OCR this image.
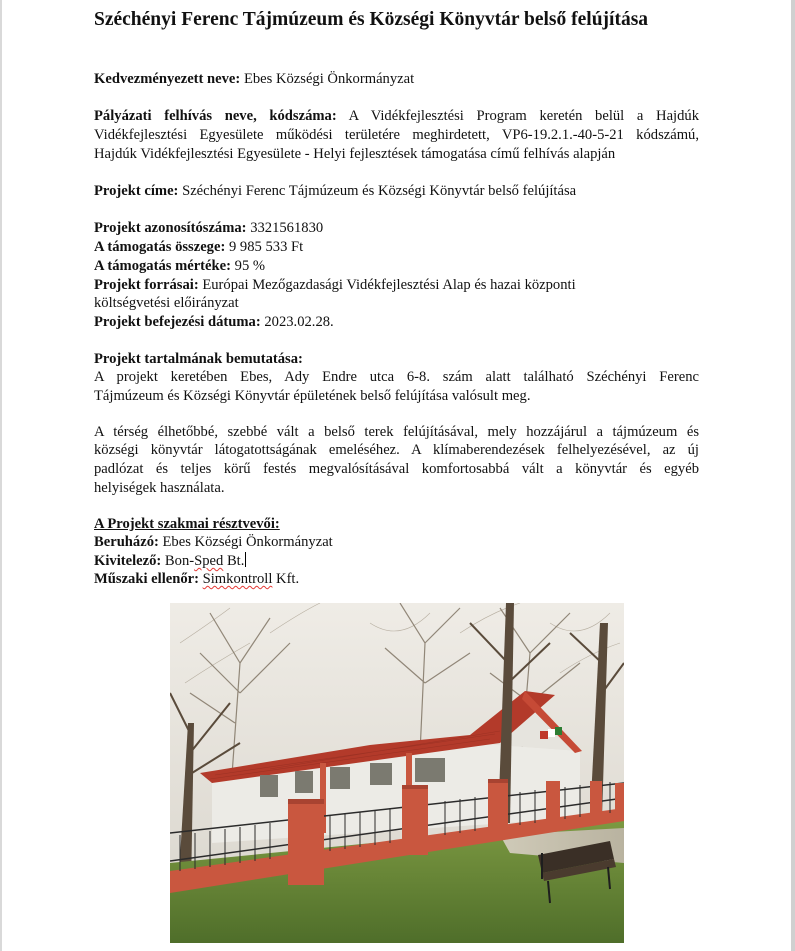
Széchényi Ferenc Tájmúzeum és Községi Könyvtár belső felújítása
Kedvezményezett neve: Ebes Községi Önkormányzat
Pályázati felhívás neve, kódszáma: A Vidékfejlesztési Program keretén belül a Hajdúk
Vidékfejlesztési Egyesülete működési területére meghirdetett, VP6-19.2.1.-40-5-21 kódszámú,
Hajdúk Vidékfejlesztési Egyesülete - Helyi fejlesztések támogatása című felhívás alapján
Projekt címe: Széchényi Ferenc Tájmúzeum és Községi Könyvtár belső felújítása
Projekt azonosítószáma: 3321561830
A támogatás összege: 9 985 533 Ft
A támogatás mértéke: 95 %
Projekt forrásai: Európai Mezőgazdasági Vidékfejlesztési Alap és hazai központi
költségvetési előirányzat
Projekt befejezési dátuma: 2023.02.28.
Projekt tartalmának bemutatása:
A projekt keretében Ebes, Ady Endre utca 6-8. szám alatt található Széchényi Ferenc
Tájmúzeum és Községi Könyvtár épületének belső felújítása valósult meg.
A térség élhetőbbé, szebbé vált a belső terek felújításával, mely hozzájárul a tájmúzeum és
községi könyvtár látogatottságának emeléséhez. A klímaberendezések felhelyezésével, az új
padlózat és teljes körű festés megvalósításával komfortosabbá vált a könyvtár és egyéb
helyiségek használata.
A Projekt szakmai résztvevői:
Beruházó: Ebes Községi Önkormányzat
Kivitelező: Bon-Sped Bt.
Műszaki ellenőr: Simkontroll Kft.
